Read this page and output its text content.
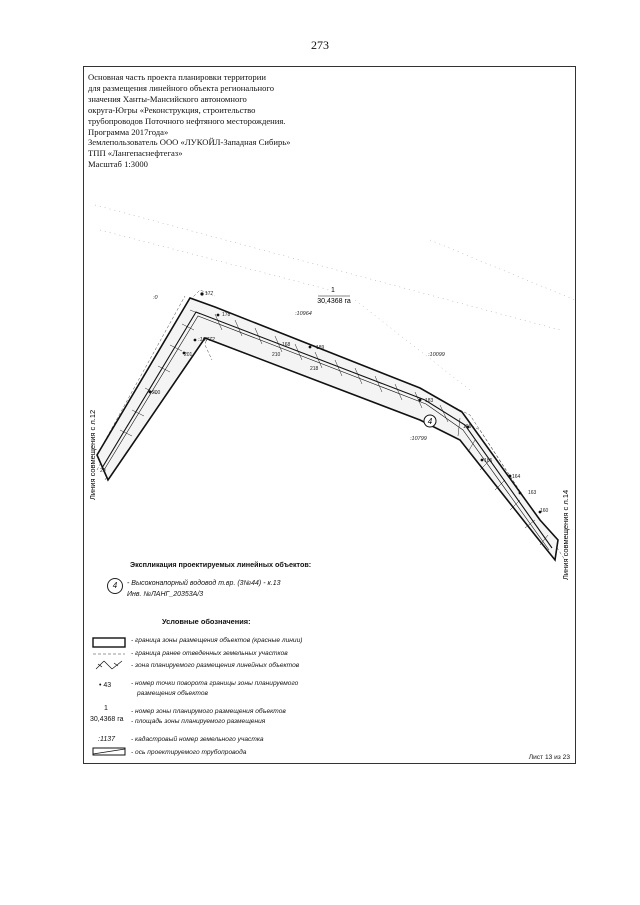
273
Основная часть проекта планировки территории
для размещения линейного объекта регионального
значения Ханты-Мансийского автономного
округа-Югры «Реконструкция, строительство
трубопроводов Поточного нефтяного месторождения.
Программа 2017года»
Землепользователь ООО «ЛУКОЙЛ-Западная Сибирь»
ТПП «Лангепаснефтегаз»
Масштаб 1:3000
4
1
30,4368 га
:10964
:10099
:10772
:10799
:0
177
178
201
200
210
189
185
166
164
163
160
168
218
183
20
Линия совмещения с л.12
Линия совмещения с л.14
Экспликация проектируемых линейных объектов:
4	- Высоконапорный водовод т.вр. (3№44) - к.13
Инв. №ЛАНГ_20353А/3
Условные обозначения:
- граница зоны размещения объектов (красные линии)
- граница ранее отведенных земельных участков
- зона планируемого размещения линейных объектов
• 43	- номер точки поворота границы зоны планируемого
размещения объектов
1
30,4368 га
- номер зоны планирумого размещения объектов
- площадь зоны планируемого размещения
:1137 - кадастровый номер земельного участка
- ось проектируемого трубопровода
Лист 13 из 23
